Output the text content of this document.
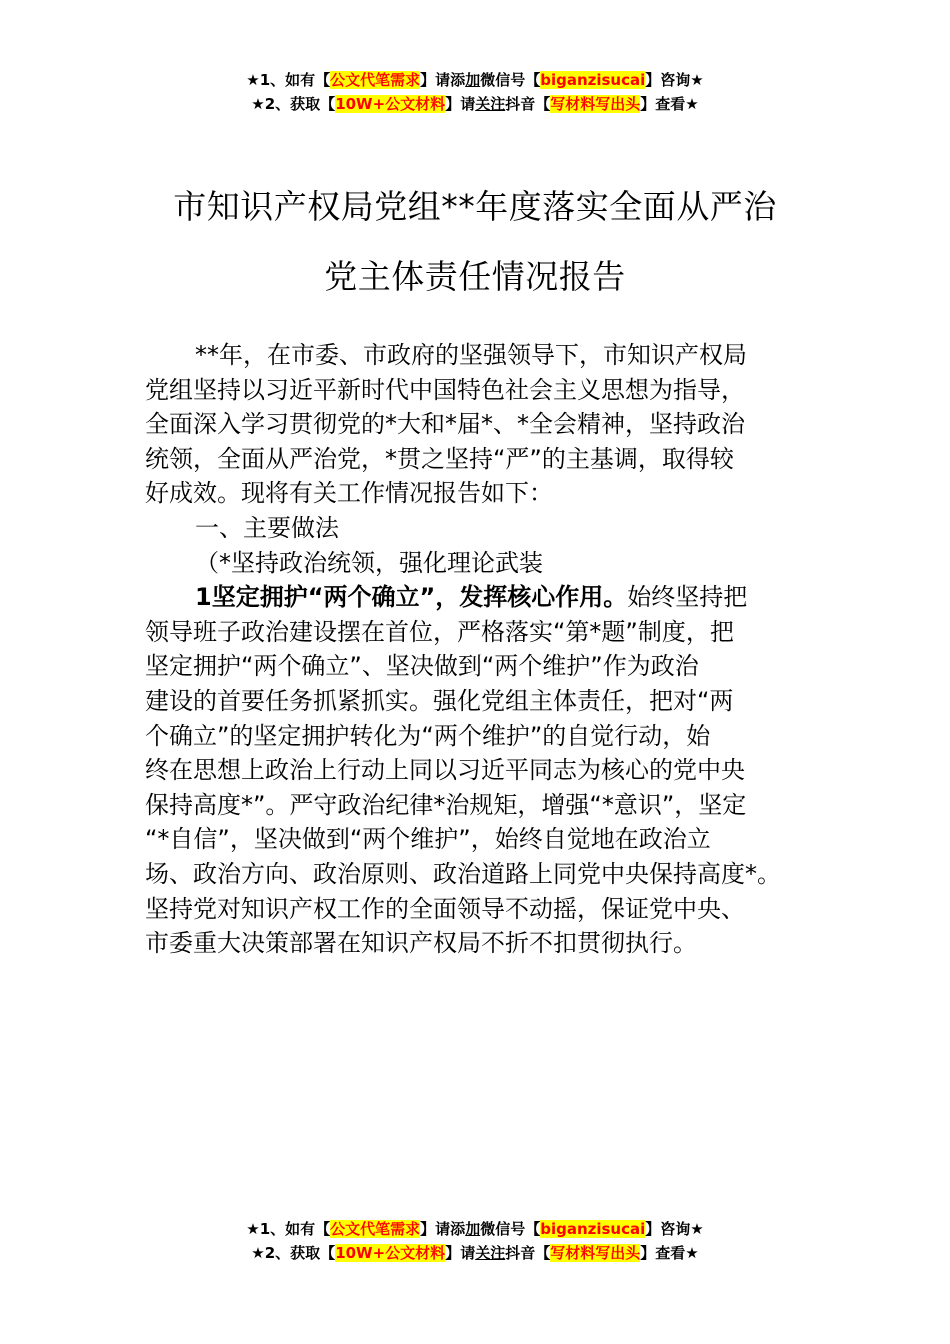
★1、如有【公文代笔需求】请添加微信号【biganzisucai】咨询★
★2、获取【10W+公文材料】请关注抖音【写材料写出头】查看★
市知识产权局党组**年度落实全面从严治
党主体责任情况报告
**年，在市委、市政府的坚强领导下，市知识产权局
党组坚持以习近平新时代中国特色社会主义思想为指导，
全面深入学习贯彻党的*大和*届*、*全会精神，坚持政治
统领，全面从严治党，*贯之坚持“严”的主基调，取得较
好成效。现将有关工作情况报告如下：
一、主要做法
（*坚持政治统领，强化理论武装
1坚定拥护“两个确立”，发挥核心作用。始终坚持把
领导班子政治建设摆在首位，严格落实“第*题”制度，把
坚定拥护“两个确立”、坚决做到“两个维护”作为政治
建设的首要任务抓紧抓实。强化党组主体责任，把对“两
个确立”的坚定拥护转化为“两个维护”的自觉行动，始
终在思想上政治上行动上同以习近平同志为核心的党中央
保持高度*”。严守政治纪律*治规矩，增强“*意识”，坚定
“*自信”，坚决做到“两个维护”，始终自觉地在政治立
场、政治方向、政治原则、政治道路上同党中央保持高度*。
坚持党对知识产权工作的全面领导不动摇，保证党中央、
市委重大决策部署在知识产权局不折不扣贯彻执行。
★1、如有【公文代笔需求】请添加微信号【biganzisucai】咨询★
★2、获取【10W+公文材料】请关注抖音【写材料写出头】查看★
